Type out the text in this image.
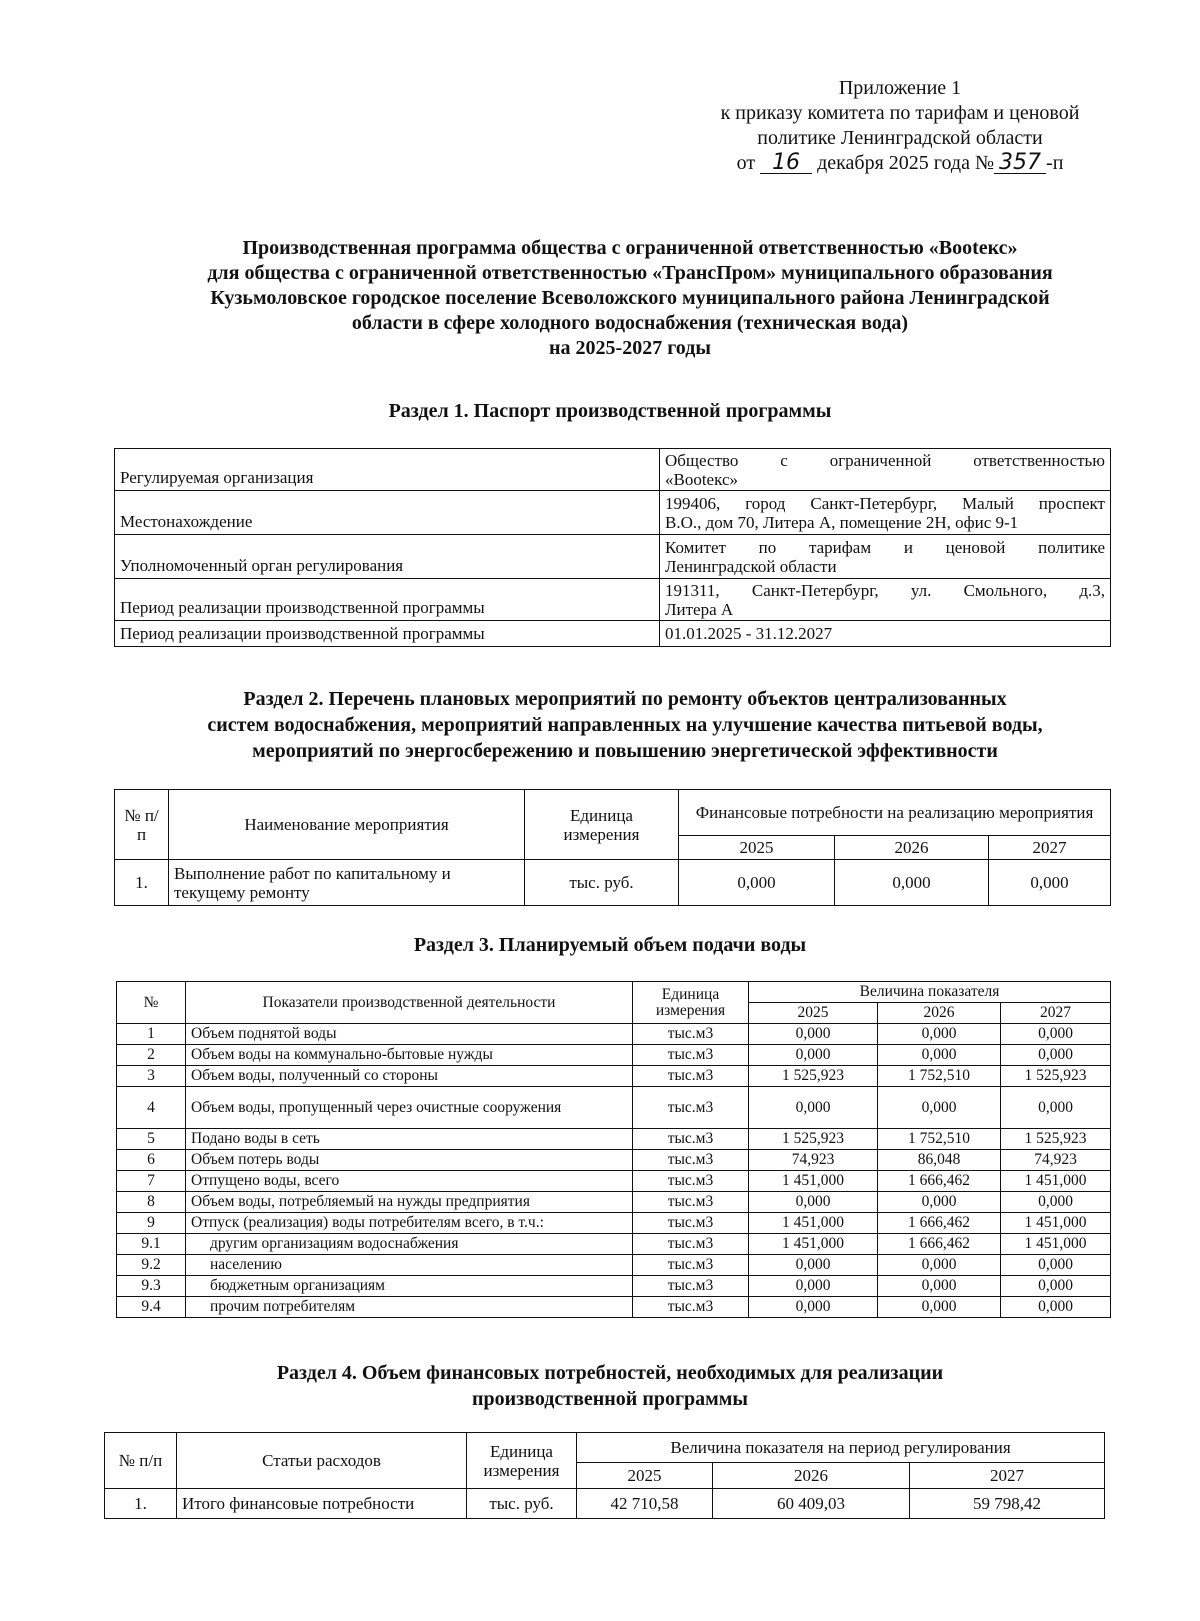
Приложение 1
к приказу комитета по тарифам и ценовой
политике Ленинградской области
от 16 декабря 2025 года № 357 -п
Производственная программа общества с ограниченной ответственностью «Вootекс»
для общества с ограниченной ответственностью «ТрансПром» муниципального образования
Кузьмоловское городское поселение Всеволожского муниципального района Ленинградской
области в сфере холодного водоснабжения (техническая вода)
на 2025-2027 годы
Раздел 1. Паспорт производственной программы
Регулируемая организация	Общество с ограниченной ответственностью
«Вootекс»

Местонахождение	199406, город Санкт-Петербург, Малый проспект
В.О., дом 70, Литера А, помещение 2Н, офис 9-1

Уполномоченный орган регулирования	Комитет по тарифам и ценовой политике
Ленинградской области

Период реализации производственной программы	191311, Санкт-Петербург, ул. Смольного, д.3,
Литера А

Период реализации производственной программы	01.01.2025 - 31.12.2027
Раздел 2. Перечень плановых мероприятий по ремонту объектов централизованных
систем водоснабжения, мероприятий направленных на улучшение качества питьевой воды,
мероприятий по энергосбережению и повышению энергетической эффективности
№ п/п	Наименование мероприятия	Единица измерения	Финансовые потребности на реализацию мероприятия		
			2025	2026	2027
1.	Выполнение работ по капитальному и текущему ремонту	тыс. руб.	0,000	0,000	0,000
Раздел 3. Планируемый объем подачи воды
№	Показатели производственной деятельности	Единица измерения	Величина показателя		
			2025	2026	2027
1	Объем поднятой воды	тыс.м3	0,000	0,000	0,000
2	Объем воды на коммунально-бытовые нужды	тыс.м3	0,000	0,000	0,000
3	Объем воды, полученный со стороны	тыс.м3	1 525,923	1 752,510	1 525,923
4	Объем воды, пропущенный через очистные сооружения	тыс.м3	0,000	0,000	0,000
5	Подано воды в сеть	тыс.м3	1 525,923	1 752,510	1 525,923
6	Объем потерь воды	тыс.м3	74,923	86,048	74,923
7	Отпущено воды, всего	тыс.м3	1 451,000	1 666,462	1 451,000
8	Объем воды, потребляемый на нужды предприятия	тыс.м3	0,000	0,000	0,000
9	Отпуск (реализация) воды потребителям всего, в т.ч.:	тыс.м3	1 451,000	1 666,462	1 451,000
9.1	другим организациям водоснабжения	тыс.м3	1 451,000	1 666,462	1 451,000
9.2	населению	тыс.м3	0,000	0,000	0,000
9.3	бюджетным организациям	тыс.м3	0,000	0,000	0,000
9.4	прочим потребителям	тыс.м3	0,000	0,000	0,000
Раздел 4. Объем финансовых потребностей, необходимых для реализации
производственной программы
№ п/п	Статьи расходов	Единица измерения	Величина показателя на период регулирования		
			2025	2026	2027
1.	Итого финансовые потребности	тыс. руб.	42 710,58	60 409,03	59 798,42
